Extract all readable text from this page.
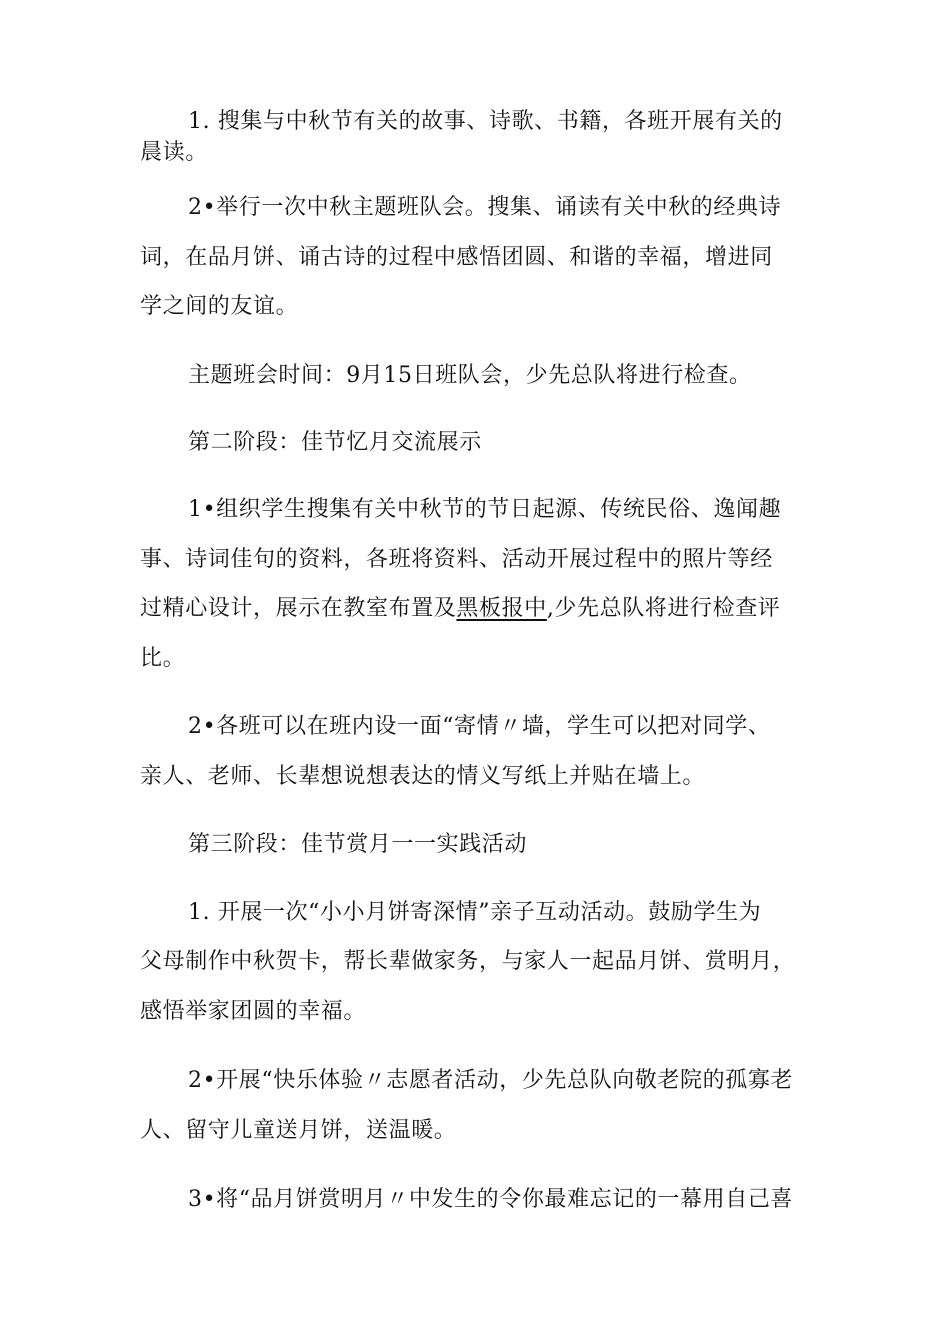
1. 搜集与中秋节有关的故事、诗歌、书籍，各班开展有关的
晨读。
2•举行一次中秋主题班队会。搜集、诵读有关中秋的经典诗
词，在品月饼、诵古诗的过程中感悟团圆、和谐的幸福，增进同
学之间的友谊。
主题班会时间：9月15日班队会，少先总队将进行检查。
第二阶段：佳节忆月交流展示
1•组织学生搜集有关中秋节的节日起源、传统民俗、逸闻趣
事、诗词佳句的资料，各班将资料、活动开展过程中的照片等经
过精心设计，展示在教室布置及黑板报中,少先总队将进行检查评
比。
2•各班可以在班内设一面“寄情〃墙，学生可以把对同学、
亲人、老师、长辈想说想表达的情义写纸上并贴在墙上。
第三阶段：佳节赏月一一实践活动
1. 开展一次“小小月饼寄深情”亲子互动活动。鼓励学生为
父母制作中秋贺卡，帮长辈做家务，与家人一起品月饼、赏明月，
感悟举家团圆的幸福。
2•开展“快乐体验〃志愿者活动，少先总队向敬老院的孤寡老
人、留守儿童送月饼，送温暖。
3•将“品月饼赏明月〃中发生的令你最难忘记的一幕用自己喜
